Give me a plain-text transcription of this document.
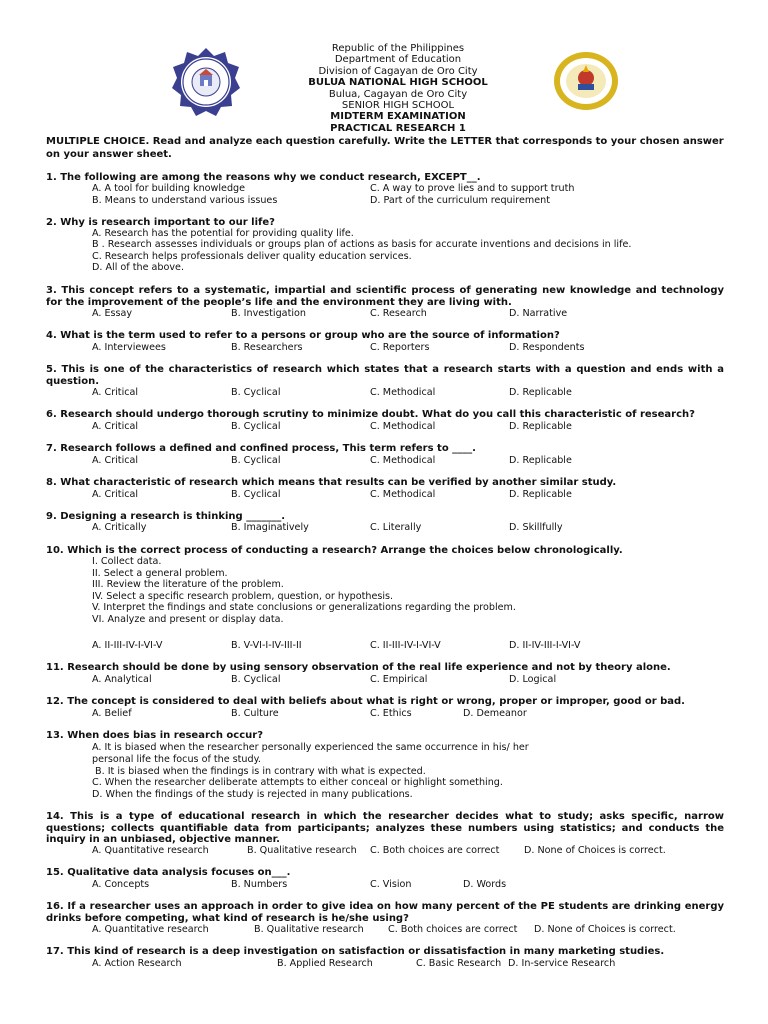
Republic of the Philippines
Department of Education
Division of Cagayan de Oro City
BULUA NATIONAL HIGH SCHOOL
Bulua, Cagayan de Oro City
SENIOR HIGH SCHOOL
MIDTERM EXAMINATION
PRACTICAL RESEARCH 1
MULTIPLE CHOICE. Read and analyze each question carefully. Write the LETTER that corresponds to your chosen answer on your answer sheet.
1. The following are among the reasons why we conduct research, EXCEPT__.
A. A tool for building knowledge	C. A way to prove lies and to support truth
B. Means to understand various issues	D. Part of the curriculum requirement
2. Why is research important to our life?
A. Research has the potential for providing quality life.
B . Research assesses individuals or groups plan of actions as basis for accurate inventions and decisions in life.
C. Research helps professionals deliver quality education services.
D. All of the above.
3. This concept refers to a systematic, impartial and scientific process of generating new knowledge and technology for the improvement of the people’s life and the environment they are living with.
A. Essay	B. Investigation	C. Research	D. Narrative
4. What is the term used to refer to a persons or group who are the source of information?
A. Interviewees	B. Researchers	C. Reporters	D. Respondents
5. This is one of the characteristics of research which states that a research starts with a question and ends with a question.
A. Critical	B. Cyclical	C. Methodical	D. Replicable
6. Research should undergo thorough scrutiny to minimize doubt. What do you call this characteristic of research?
A. Critical	B. Cyclical	C. Methodical	D. Replicable
7. Research follows a defined and confined process, This term refers to ____.
A. Critical	B. Cyclical	C. Methodical	D. Replicable
8. What characteristic of research which means that results can be verified by another similar study.
A. Critical	B. Cyclical	C. Methodical	D. Replicable
9. Designing a research is thinking _______.
A. Critically	B. Imaginatively	C. Literally	D. Skillfully
10. Which is the correct process of conducting a research? Arrange the choices below chronologically.
I. Collect data.
II. Select a general problem.
III. Review the literature of the problem.
IV. Select a specific research problem, question, or hypothesis.
V. Interpret the findings and state conclusions or generalizations regarding the problem.
VI. Analyze and present or display data.
A. II-III-IV-I-VI-V	B. V-VI-I-IV-III-II	C. II-III-IV-I-VI-V	D. II-IV-III-I-VI-V
11. Research should be done by using sensory observation of the real life experience and not by theory alone.
A. Analytical	B. Cyclical	C. Empirical	D. Logical
12. The concept is considered to deal with beliefs about what is right or wrong, proper or improper, good or bad.
A. Belief	B. Culture	C. Ethics	D. Demeanor
13. When does bias in research occur?
A. It is biased when the researcher personally experienced the same occurrence in his/ her
personal life the focus of the study.
B. It is biased when the findings is in contrary with what is expected.
C. When the researcher deliberate attempts to either conceal or highlight something.
D. When the findings of the study is rejected in many publications.
14. This is a type of educational research in which the researcher decides what to study; asks specific, narrow questions; collects quantifiable data from participants; analyzes these numbers using statistics; and conducts the inquiry in an unbiased, objective manner.
A. Quantitative research	B. Qualitative research C. Both choices are correct	D. None of Choices is correct.
15. Qualitative data analysis focuses on___.
A. Concepts	B. Numbers	C. Vision	D. Words
16. If a researcher uses an approach in order to give idea on how many percent of the PE students are drinking energy drinks before competing, what kind of research is he/she using?
A. Quantitative research	B. Qualitative research	C. Both choices are correct D. None of Choices is correct.
17. This kind of research is a deep investigation on satisfaction or dissatisfaction in many marketing studies.
A. Action Research	B. Applied Research	C. Basic Research D. In-service Research
